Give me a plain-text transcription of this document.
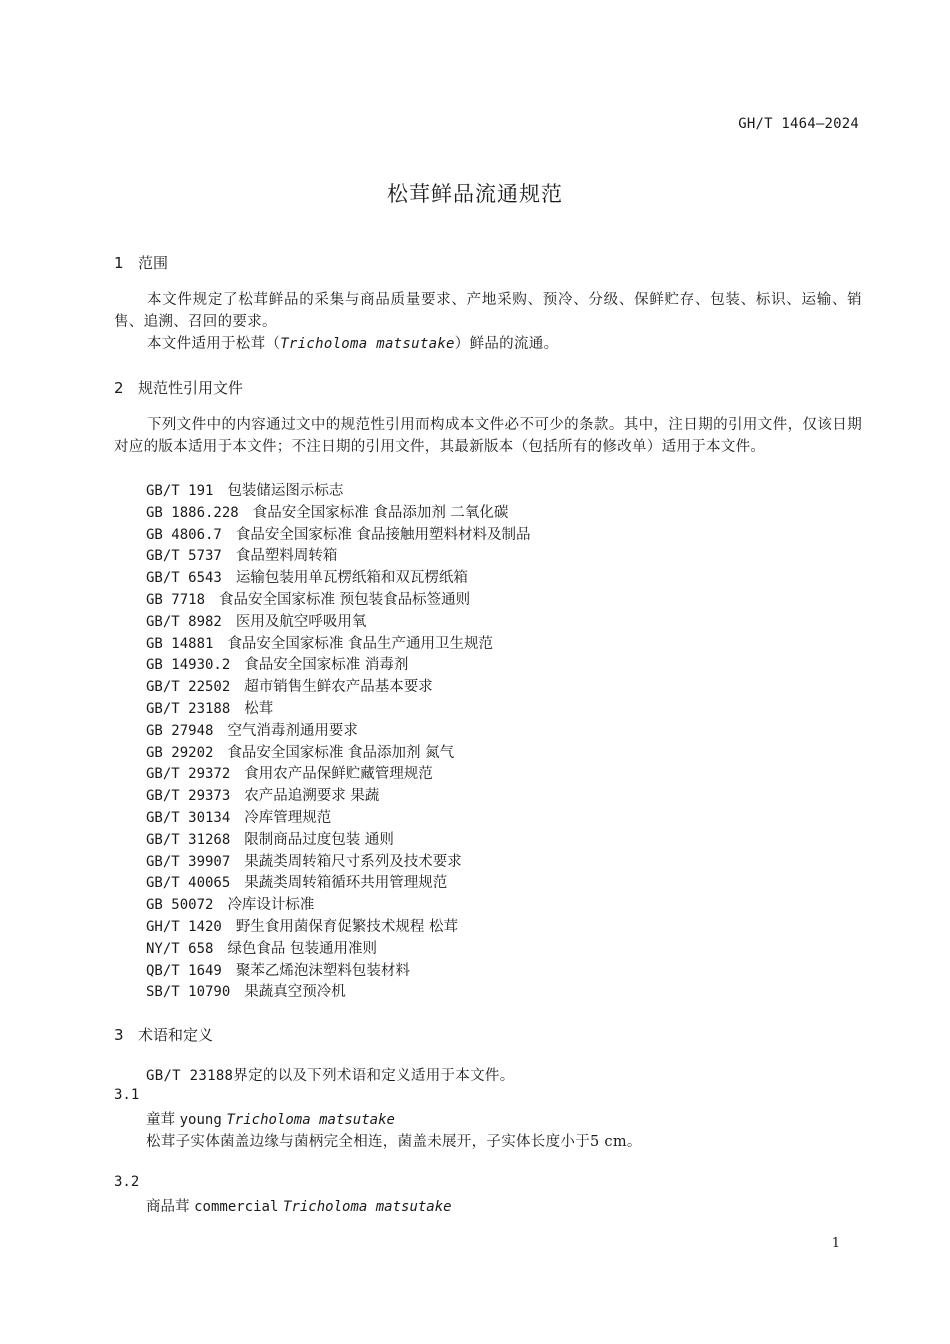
GH/T 1464—2024
松茸鲜品流通规范
1 范围
本文件规定了松茸鲜品的采集与商品质量要求、产地采购、预冷、分级、保鲜贮存、包装、标识、运输、销售、追溯、召回的要求。
本文件适用于松茸（Tricholoma matsutake）鲜品的流通。
2 规范性引用文件
下列文件中的内容通过文中的规范性引用而构成本文件必不可少的条款。其中，注日期的引用文件，仅该日期对应的版本适用于本文件；不注日期的引用文件，其最新版本（包括所有的修改单）适用于本文件。
GB/T 191 包装储运图示标志
GB 1886.228 食品安全国家标准 食品添加剂 二氧化碳
GB 4806.7 食品安全国家标准 食品接触用塑料材料及制品
GB/T 5737 食品塑料周转箱
GB/T 6543 运输包装用单瓦楞纸箱和双瓦楞纸箱
GB 7718 食品安全国家标准 预包装食品标签通则
GB/T 8982 医用及航空呼吸用氧
GB 14881 食品安全国家标准 食品生产通用卫生规范
GB 14930.2 食品安全国家标准 消毒剂
GB/T 22502 超市销售生鲜农产品基本要求
GB/T 23188 松茸
GB 27948 空气消毒剂通用要求
GB 29202 食品安全国家标准 食品添加剂 氮气
GB/T 29372 食用农产品保鲜贮藏管理规范
GB/T 29373 农产品追溯要求 果蔬
GB/T 30134 冷库管理规范
GB/T 31268 限制商品过度包装 通则
GB/T 39907 果蔬类周转箱尺寸系列及技术要求
GB/T 40065 果蔬类周转箱循环共用管理规范
GB 50072 冷库设计标准
GH/T 1420 野生食用菌保育促繁技术规程 松茸
NY/T 658 绿色食品 包装通用准则
QB/T 1649 聚苯乙烯泡沫塑料包装材料
SB/T 10790 果蔬真空预冷机
3 术语和定义
GB/T 23188界定的以及下列术语和定义适用于本文件。
3.1
童茸 young Tricholoma matsutake
松茸子实体菌盖边缘与菌柄完全相连，菌盖未展开，子实体长度小于5 cm。
3.2
商品茸 commercial Tricholoma matsutake
1
